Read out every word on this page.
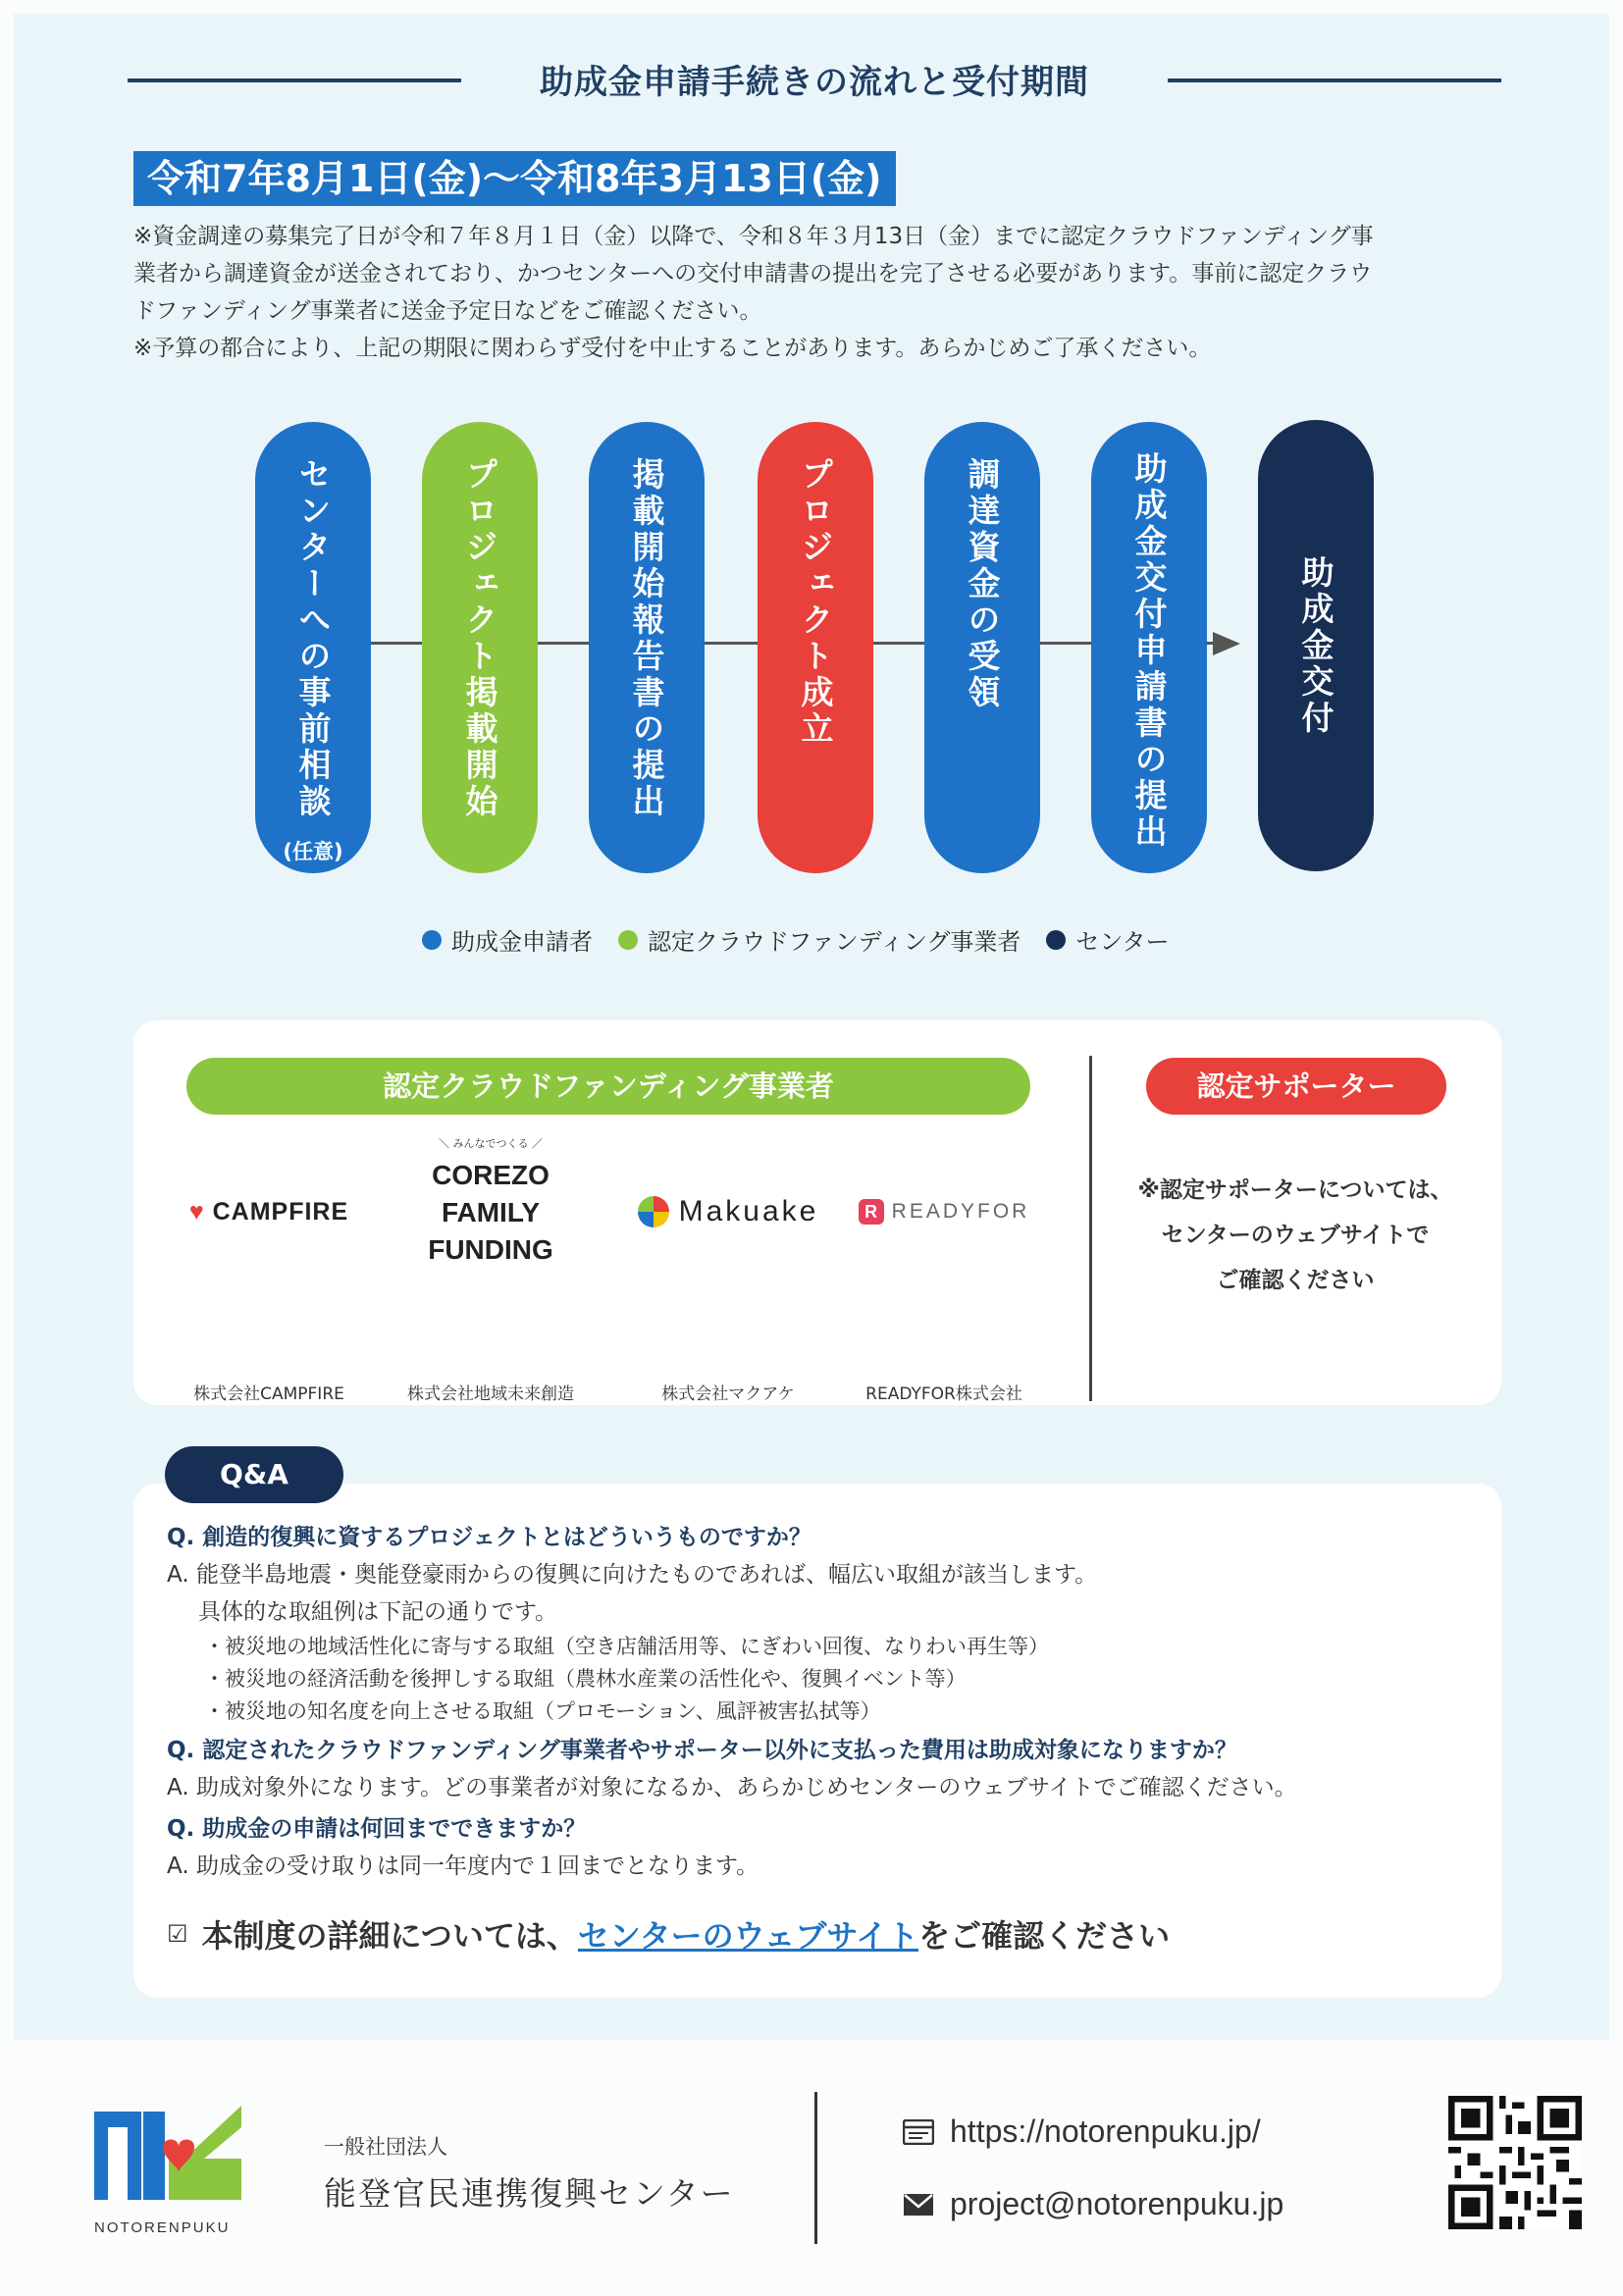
助成金申請手続きの流れと受付期間
令和7年8月1日(金)～令和8年3月13日(金)
※資金調達の募集完了日が令和７年８月１日（金）以降で、令和８年３月13日（金）までに認定クラウドファンディング事
業者から調達資金が送金されており、かつセンターへの交付申請書の提出を完了させる必要があります。事前に認定クラウ
ドファンディング事業者に送金予定日などをご確認ください。
※予算の都合により、上記の期限に関わらず受付を中止することがあります。あらかじめご了承ください。
センターへの事前相談
(任意)
プロジェクト掲載開始	掲載開始報告書の提出	プロジェクト成立	調達資金の受領	助成金交付申請書の提出	助成金交付
助成金申請者 認定クラウドファンディング事業者 センター
認定クラウドファンディング事業者	認定サポーター
♥ CAMPFIRE
株式会社CAMPFIRE
＼ みんなでつくる ／
COREZO
FAMILY
FUNDING
株式会社地域未来創造
Makuake
株式会社マクアケ
R READYFOR
READYFOR株式会社
※認定サポーターについては、
センターのウェブサイトで
ご確認ください
Q&A
Q. 創造的復興に資するプロジェクトとはどういうものですか？
A. 能登半島地震・奥能登豪雨からの復興に向けたものであれば、幅広い取組が該当します。
具体的な取組例は下記の通りです。
・被災地の地域活性化に寄与する取組（空き店舗活用等、にぎわい回復、なりわい再生等）
・被災地の経済活動を後押しする取組（農林水産業の活性化や、復興イベント等）
・被災地の知名度を向上させる取組（プロモーション、風評被害払拭等）
Q. 認定されたクラウドファンディング事業者やサポーター以外に支払った費用は助成対象になりますか？
A. 助成対象外になります。どの事業者が対象になるか、あらかじめセンターのウェブサイトでご確認ください。
Q. 助成金の申請は何回までできますか？
A. 助成金の受け取りは同一年度内で１回までとなります。
☑ 本制度の詳細については、センターのウェブサイトをご確認ください
NOTORENPUKU
一般社団法人
能登官民連携復興センター
https://notorenpuku.jp/
project@notorenpuku.jp
